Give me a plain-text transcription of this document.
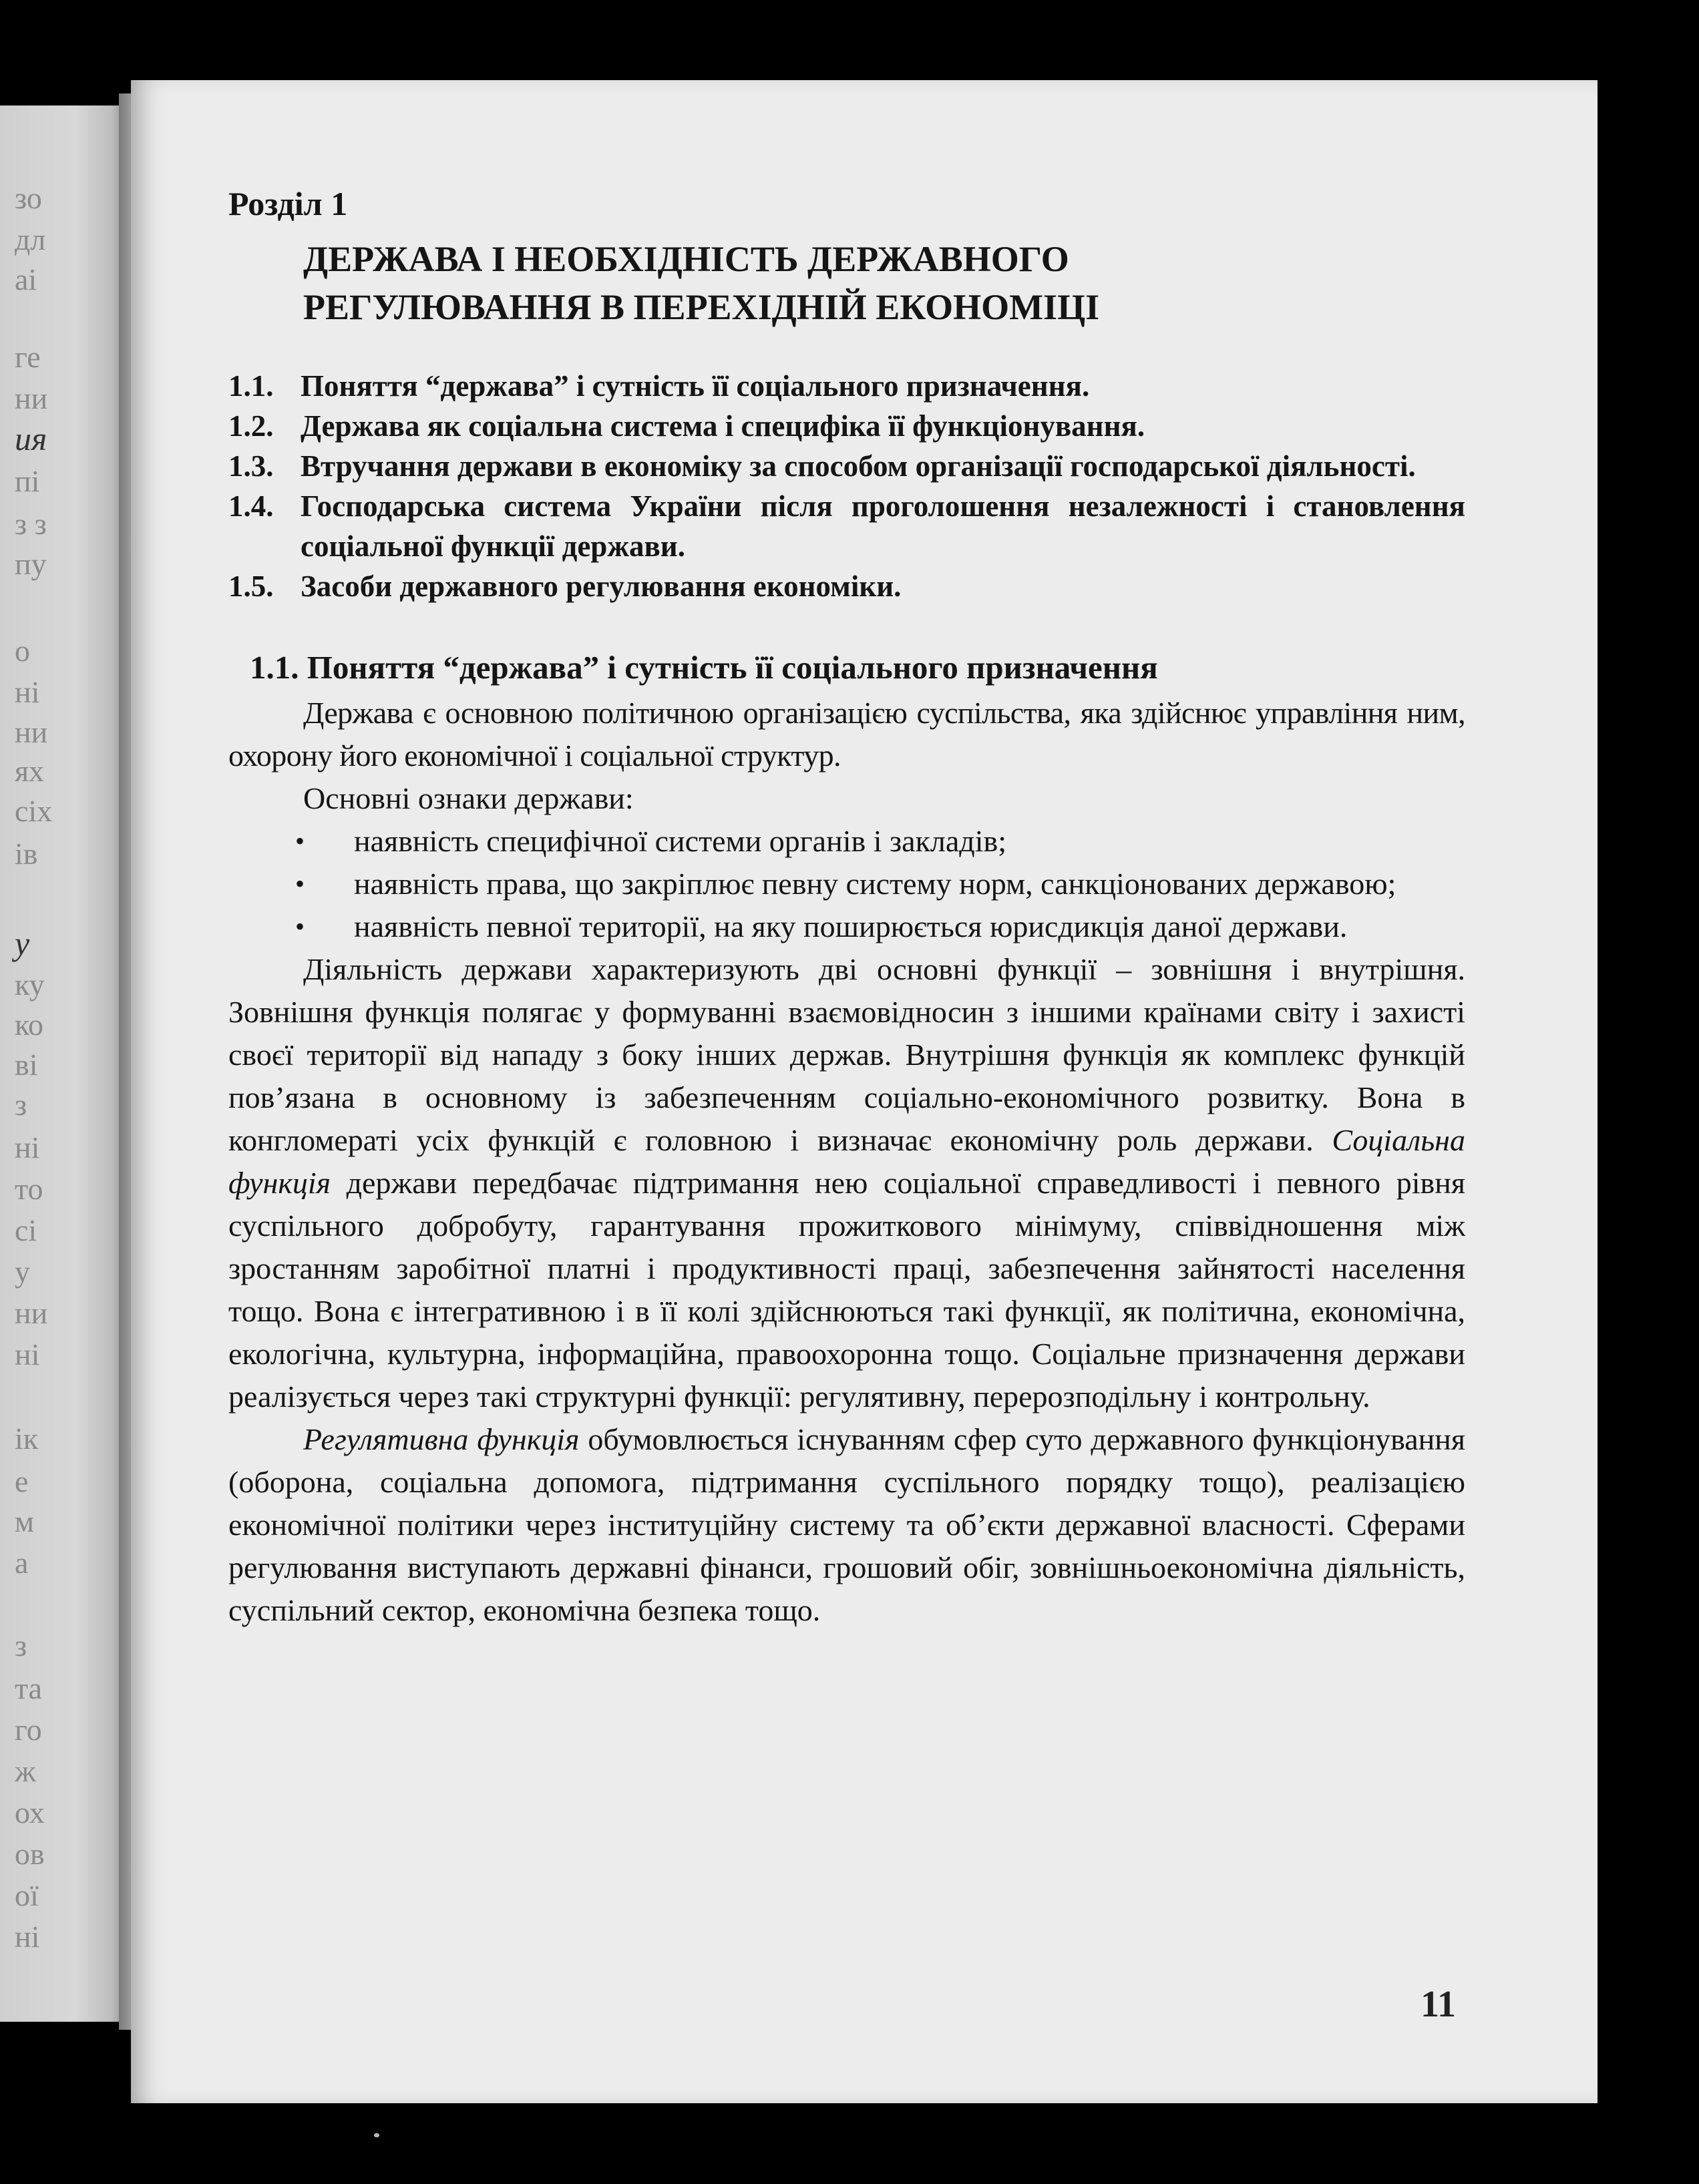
зо
дл
аі
ге
ни
ия
пі
з з
пу
о
ні
ни
ях
сіх
ів
у
ку
ко
ві
з
ні
то
сі
у
ни
ні
ік
е
м
а
з
та
го
ж
ох
ов
ої
ні
Розділ 1
ДЕРЖАВА І НЕОБХІДНІСТЬ ДЕРЖАВНОГО
РЕГУЛЮВАННЯ В ПЕРЕХІДНІЙ ЕКОНОМІЦІ
1.1. Поняття “держава” і сутність її соціального призначення.
1.2. Держава як соціальна система і специфіка її функціонування.
1.3. Втручання держави в економіку за способом організації господарської діяльності.
1.4. Господарська система України після проголошення незалежності і становлення соціальної функції держави.
1.5. Засоби державного регулювання економіки.
1.1. Поняття “держава” і сутність її соціального призначення

Держава є основною політичною організацією суспільства, яка здійснює управління ним, охорону його економічної і соціальної структур.

Основні ознаки держави:

•	наявність специфічної системи органів і закладів;
•	наявність права, що закріплює певну систему норм, санкціонованих державою;
•	наявність певної території, на яку поширюється юрисдикція даної держави.

Діяльність держави характеризують дві основні функції – зовнішня і внутрішня. Зовнішня функція полягає у формуванні взаємовідносин з іншими країнами світу і захисті своєї території від нападу з боку інших держав. Внутрішня функція як комплекс функцій пов’язана в основному із забезпеченням соціально-економічного розвитку. Вона в конгломераті усіх функцій є головною і визначає економічну роль держави. Соціальна функція держави передбачає підтримання нею соціальної справедливості і певного рівня суспільного добробуту, гарантування прожиткового мінімуму, співвідношення між зростанням заробітної платні і продуктивності праці, забезпечення зайнятості населення тощо. Вона є інтегративною і в її колі здійснюються такі функції, як політична, економічна, екологічна, культурна, інформаційна, правоохоронна тощо. Соціальне призначення держави реалізується через такі структурні функції: регулятивну, перерозподільну і контрольну.

Регулятивна функція обумовлюється існуванням сфер суто державного функціонування (оборона, соціальна допомога, підтримання суспільного порядку тощо), реалізацією економічної політики через інституційну систему та об’єкти державної власності. Сферами регулювання виступають державні фінанси, грошовий обіг, зовнішньоекономічна діяльність, суспільний сектор, економічна безпека тощо.

11
